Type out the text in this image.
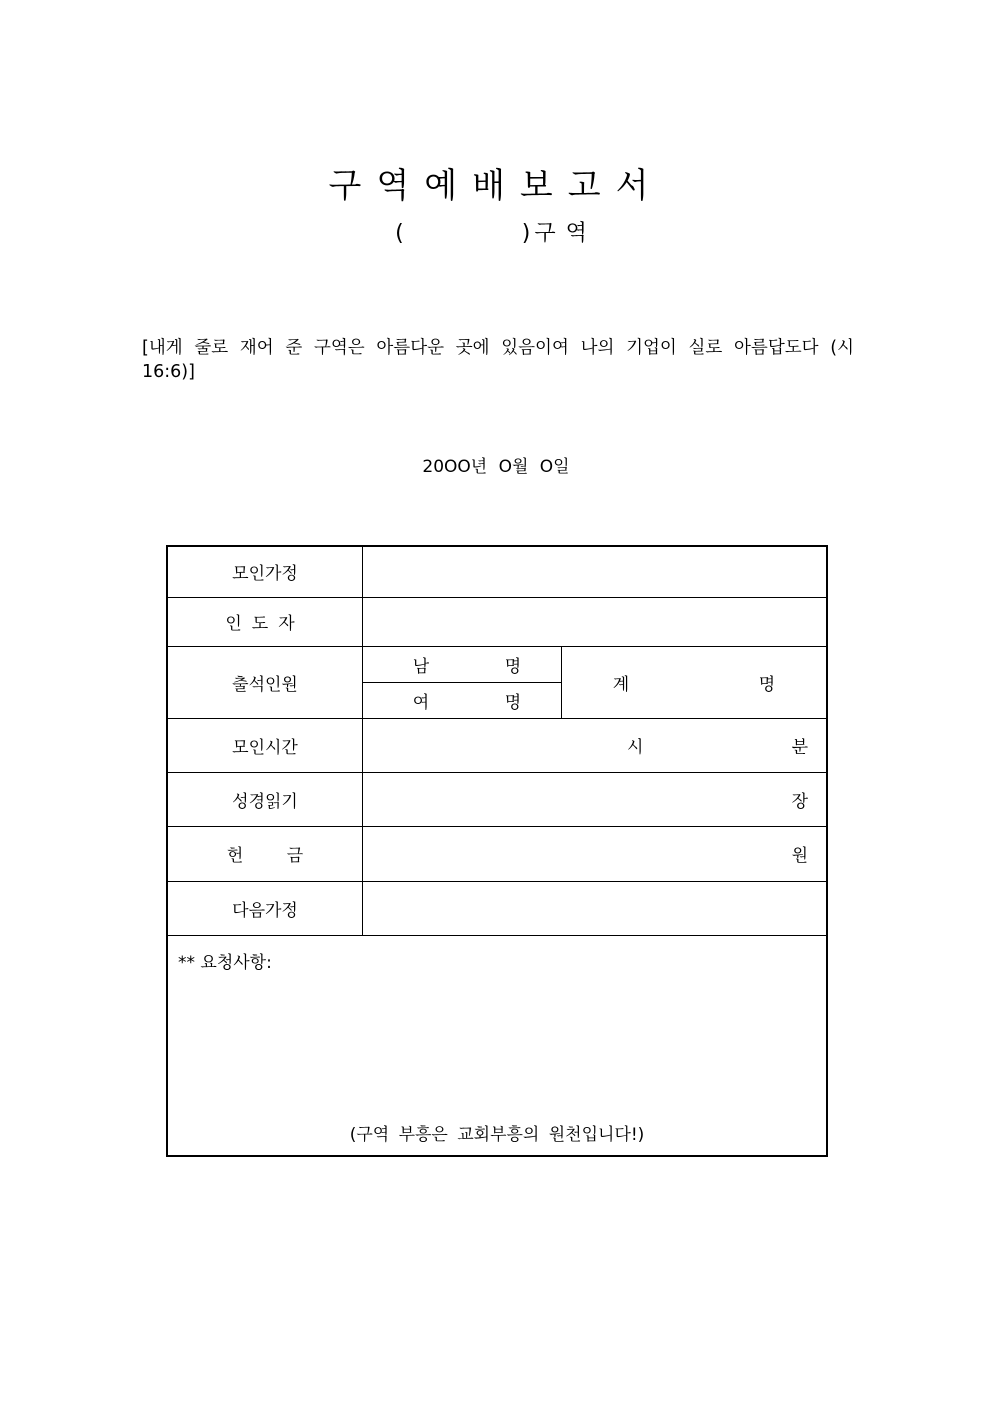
구역예배보고서
(	) 구역
[내게 줄로 재어 준 구역은 아름다운 곳에 있음이여 나의 기업이 실로 아름답도다 (시16:6)]
20OO년 O월 O일
모인가정		
인도자		
출석인원	남 명	계 명
	여 명	
모인시간	시 분	

성경읽기	장	
헌 금	원	
다음가정		

** 요청사항:
(구역 부흥은 교회부흥의 원천입니다!)		
